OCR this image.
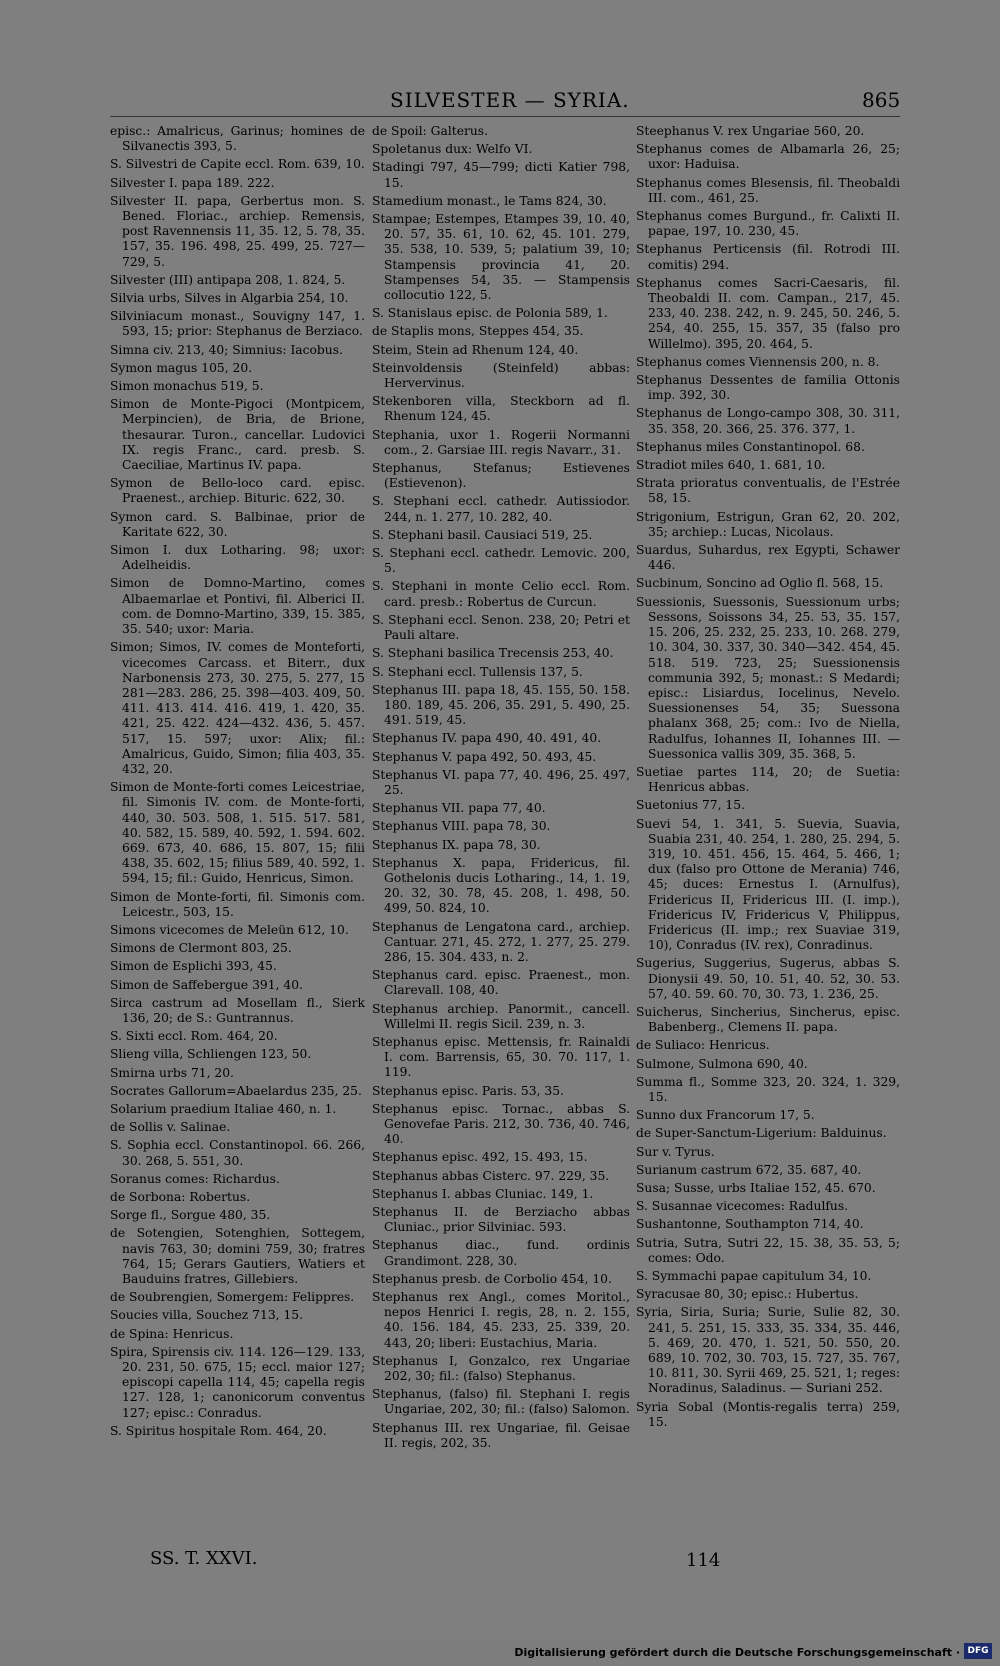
SILVESTER — SYRIA.	865
episc.: Amalricus, Garinus; homines de Silvanectis 393, 5.
S. Silvestri de Capite eccl. Rom. 639, 10.
Silvester I. papa 189. 222.
Silvester II. papa, Gerbertus mon. S. Bened. Floriac., archiep. Remensis, post Ravennensis 11, 35. 12, 5. 78, 35. 157, 35. 196. 498, 25. 499, 25. 727—729, 5.
Silvester (III) antipapa 208, 1. 824, 5.
Silvia urbs, Silves in Algarbia 254, 10.
Silviniacum monast., Souvigny 147, 1. 593, 15; prior: Stephanus de Berziaco.
Simna civ. 213, 40; Simnius: Iacobus.
Symon magus 105, 20.
Simon monachus 519, 5.
Simon de Monte-Pigoci (Montpicem, Merpincien), de Bria, de Brione, thesaurar. Turon., cancellar. Ludovici IX. regis Franc., card. presb. S. Caeciliae, Martinus IV. papa.
Symon de Bello-loco card. episc. Praenest., archiep. Bituric. 622, 30.
Symon card. S. Balbinae, prior de Karitate 622, 30.
Simon I. dux Lotharing. 98; uxor: Adelheidis.
Simon de Domno-Martino, comes Albaemarlae et Pontivi, fil. Alberici II. com. de Domno-Martino, 339, 15. 385, 35. 540; uxor: Maria.
Simon; Simos, IV. comes de Monteforti, vicecomes Carcass. et Biterr., dux Narbonensis 273, 30. 275, 5. 277, 15 281—283. 286, 25. 398—403. 409, 50. 411. 413. 414. 416. 419, 1. 420, 35. 421, 25. 422. 424—432. 436, 5. 457. 517, 15. 597; uxor: Alix; fil.: Amalricus, Guido, Simon; filia 403, 35. 432, 20.
Simon de Monte-forti comes Leicestriae, fil. Simonis IV. com. de Monte-forti, 440, 30. 503. 508, 1. 515. 517. 581, 40. 582, 15. 589, 40. 592, 1. 594. 602. 669. 673, 40. 686, 15. 807, 15; filii 438, 35. 602, 15; filius 589, 40. 592, 1. 594, 15; fil.: Guido, Henricus, Simon.
Simon de Monte-forti, fil. Simonis com. Leicestr., 503, 15.
Simons vicecomes de Meleün 612, 10.
Simons de Clermont 803, 25.
Simon de Esplichi 393, 45.
Simon de Saffebergue 391, 40.
Sirca castrum ad Mosellam fl., Sierk 136, 20; de S.: Guntrannus.
S. Sixti eccl. Rom. 464, 20.
Slieng villa, Schliengen 123, 50.
Smirna urbs 71, 20.
Socrates Gallorum=Abaelardus 235, 25.
Solarium praedium Italiae 460, n. 1.
de Sollis v. Salinae.
S. Sophia eccl. Constantinopol. 66. 266, 30. 268, 5. 551, 30.
Soranus comes: Richardus.
de Sorbona: Robertus.
Sorge fl., Sorgue 480, 35.
de Sotengien, Sotenghien, Sottegem, navis 763, 30; domini 759, 30; fratres 764, 15; Gerars Gautiers, Watiers et Bauduins fratres, Gillebiers.
de Soubrengien, Somergem: Felippres.
Soucies villa, Souchez 713, 15.
de Spina: Henricus.
Spira, Spirensis civ. 114. 126—129. 133, 20. 231, 50. 675, 15; eccl. maior 127; episcopi capella 114, 45; capella regis 127. 128, 1; canonicorum conventus 127; episc.: Conradus.
S. Spiritus hospitale Rom. 464, 20.
de Spoil: Galterus.
Spoletanus dux: Welfo VI.
Stadingi 797, 45—799; dicti Katier 798, 15.
Stamedium monast., le Tams 824, 30.
Stampae; Estempes, Etampes 39, 10. 40, 20. 57, 35. 61, 10. 62, 45. 101. 279, 35. 538, 10. 539, 5; palatium 39, 10; Stampensis provincia 41, 20. Stampenses 54, 35. — Stampensis collocutio 122, 5.
S. Stanislaus episc. de Polonia 589, 1.
de Staplis mons, Steppes 454, 35.
Steim, Stein ad Rhenum 124, 40.
Steinvoldensis (Steinfeld) abbas: Hervervinus.
Stekenboren villa, Steckborn ad fl. Rhenum 124, 45.
Stephania, uxor 1. Rogerii Normanni com., 2. Garsiae III. regis Navarr., 31.
Stephanus, Stefanus; Estievenes (Estievenon).
S. Stephani eccl. cathedr. Autissiodor. 244, n. 1. 277, 10. 282, 40.
S. Stephani basil. Causiaci 519, 25.
S. Stephani eccl. cathedr. Lemovic. 200, 5.
S. Stephani in monte Celio eccl. Rom. card. presb.: Robertus de Curcun.
S. Stephani eccl. Senon. 238, 20; Petri et Pauli altare.
S. Stephani basilica Trecensis 253, 40.
S. Stephani eccl. Tullensis 137, 5.
Stephanus III. papa 18, 45. 155, 50. 158. 180. 189, 45. 206, 35. 291, 5. 490, 25. 491. 519, 45.
Stephanus IV. papa 490, 40. 491, 40.
Stephanus V. papa 492, 50. 493, 45.
Stephanus VI. papa 77, 40. 496, 25. 497, 25.
Stephanus VII. papa 77, 40.
Stephanus VIII. papa 78, 30.
Stephanus IX. papa 78, 30.
Stephanus X. papa, Fridericus, fil. Gothelonis ducis Lotharing., 14, 1. 19, 20. 32, 30. 78, 45. 208, 1. 498, 50. 499, 50. 824, 10.
Stephanus de Lengatona card., archiep. Cantuar. 271, 45. 272, 1. 277, 25. 279. 286, 15. 304. 433, n. 2.
Stephanus card. episc. Praenest., mon. Clarevall. 108, 40.
Stephanus archiep. Panormit., cancell. Willelmi II. regis Sicil. 239, n. 3.
Stephanus episc. Mettensis, fr. Rainaldi I. com. Barrensis, 65, 30. 70. 117, 1. 119.
Stephanus episc. Paris. 53, 35.
Stephanus episc. Tornac., abbas S. Genovefae Paris. 212, 30. 736, 40. 746, 40.
Stephanus episc. 492, 15. 493, 15.
Stephanus abbas Cisterc. 97. 229, 35.
Stephanus I. abbas Cluniac. 149, 1.
Stephanus II. de Berziacho abbas Cluniac., prior Silviniac. 593.
Stephanus diac., fund. ordinis Grandimont. 228, 30.
Stephanus presb. de Corbolio 454, 10.
Stephanus rex Angl., comes Moritol., nepos Henrici I. regis, 28, n. 2. 155, 40. 156. 184, 45. 233, 25. 339, 20. 443, 20; liberi: Eustachius, Maria.
Stephanus I, Gonzalco, rex Ungariae 202, 30; fil.: (falso) Stephanus.
Stephanus, (falso) fil. Stephani I. regis Ungariae, 202, 30; fil.: (falso) Salomon.
Stephanus III. rex Ungariae, fil. Geisae II. regis, 202, 35.
Steephanus V. rex Ungariae 560, 20.
Stephanus comes de Albamarla 26, 25; uxor: Haduisa.
Stephanus comes Blesensis, fil. Theobaldi III. com., 461, 25.
Stephanus comes Burgund., fr. Calixti II. papae, 197, 10. 230, 45.
Stephanus Perticensis (fil. Rotrodi III. comitis) 294.
Stephanus comes Sacri-Caesaris, fil. Theobaldi II. com. Campan., 217, 45. 233, 40. 238. 242, n. 9. 245, 50. 246, 5. 254, 40. 255, 15. 357, 35 (falso pro Willelmo). 395, 20. 464, 5.
Stephanus comes Viennensis 200, n. 8.
Stephanus Dessentes de familia Ottonis imp. 392, 30.
Stephanus de Longo-campo 308, 30. 311, 35. 358, 20. 366, 25. 376. 377, 1.
Stephanus miles Constantinopol. 68.
Stradiot miles 640, 1. 681, 10.
Strata prioratus conventualis, de l'Estrée 58, 15.
Strigonium, Estrigun, Gran 62, 20. 202, 35; archiep.: Lucas, Nicolaus.
Suardus, Suhardus, rex Egypti, Schawer 446.
Sucbinum, Soncino ad Oglio fl. 568, 15.
Suessionis, Suessonis, Suessionum urbs; Sessons, Soissons 34, 25. 53, 35. 157, 15. 206, 25. 232, 25. 233, 10. 268. 279, 10. 304, 30. 337, 30. 340—342. 454, 45. 518. 519. 723, 25; Suessionensis communia 392, 5; monast.: S Medardi; episc.: Lisiardus, Iocelinus, Nevelo. Suessionenses 54, 35; Suessona phalanx 368, 25; com.: Ivo de Niella, Radulfus, Iohannes II, Iohannes III. — Suessonica vallis 309, 35. 368, 5.
Suetiae partes 114, 20; de Suetia: Henricus abbas.
Suetonius 77, 15.
Suevi 54, 1. 341, 5. Suevia, Suavia, Suabia 231, 40. 254, 1. 280, 25. 294, 5. 319, 10. 451. 456, 15. 464, 5. 466, 1; dux (falso pro Ottone de Merania) 746, 45; duces: Ernestus I. (Arnulfus), Fridericus II, Fridericus III. (I. imp.), Fridericus IV, Fridericus V, Philippus, Fridericus (II. imp.; rex Suaviae 319, 10), Conradus (IV. rex), Conradinus.
Sugerius, Suggerius, Sugerus, abbas S. Dionysii 49. 50, 10. 51, 40. 52, 30. 53. 57, 40. 59. 60. 70, 30. 73, 1. 236, 25.
Suicherus, Sincherius, Sincherus, episc. Babenberg., Clemens II. papa.
de Suliaco: Henricus.
Sulmone, Sulmona 690, 40.
Summa fl., Somme 323, 20. 324, 1. 329, 15.
Sunno dux Francorum 17, 5.
de Super-Sanctum-Ligerium: Balduinus.
Sur v. Tyrus.
Surianum castrum 672, 35. 687, 40.
Susa; Susse, urbs Italiae 152, 45. 670.
S. Susannae vicecomes: Radulfus.
Sushantonne, Southampton 714, 40.
Sutria, Sutra, Sutri 22, 15. 38, 35. 53, 5; comes: Odo.
S. Symmachi papae capitulum 34, 10.
Syracusae 80, 30; episc.: Hubertus.
Syria, Siria, Suria; Surie, Sulie 82, 30. 241, 5. 251, 15. 333, 35. 334, 35. 446, 5. 469, 20. 470, 1. 521, 50. 550, 20. 689, 10. 702, 30. 703, 15. 727, 35. 767, 10. 811, 30. Syrii 469, 25. 521, 1; reges: Noradinus, Saladinus. — Suriani 252.
Syria Sobal (Montis-regalis terra) 259, 15.
SS. T. XXVI.	114
Digitalisierung gefördert durch die Deutsche Forschungsgemeinschaft · DFG
